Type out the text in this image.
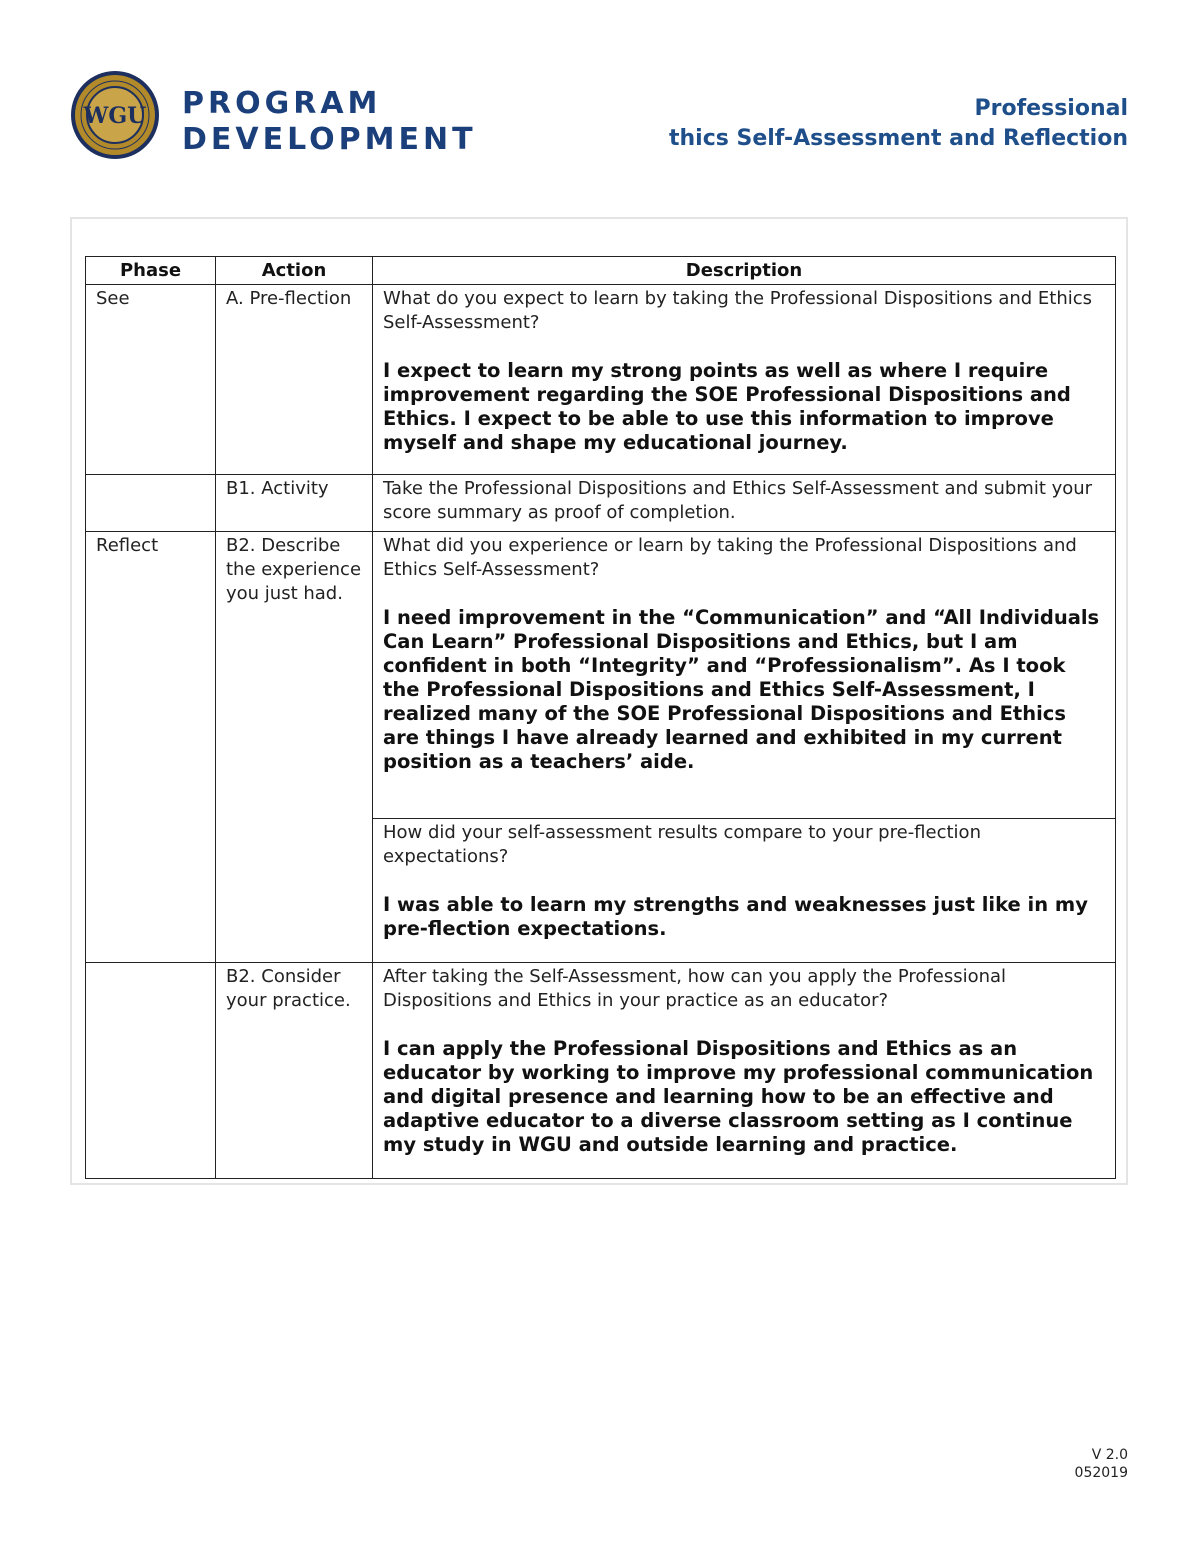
WGU PROGRAM
DEVELOPMENT
Professional
thics Self-Assessment and Reflection
Phase	Action	Description
See	A. Pre-flection	What do you expect to learn by taking the Professional Dispositions and Ethics Self-Assessment?

I expect to learn my strong points as well as where I require improvement regarding the SOE Professional Dispositions and Ethics. I expect to be able to use this information to improve myself and shape my educational journey.

	B1. Activity	Take the Professional Dispositions and Ethics Self-Assessment and submit your score summary as proof of completion.
Reflect	B2. Describe the experience you just had.	What did you experience or learn by taking the Professional Dispositions and Ethics Self-Assessment?

I need improvement in the “Communication” and “All Individuals Can Learn” Professional Dispositions and Ethics, but I am confident in both “Integrity” and “Professionalism”. As I took the Professional Dispositions and Ethics Self-Assessment, I realized many of the SOE Professional Dispositions and Ethics are things I have already learned and exhibited in my current position as a teachers’ aide.

		How did your self-assessment results compare to your pre-flection expectations?

I was able to learn my strengths and weaknesses just like in my pre-flection expectations.

	B2. Consider your practice.	After taking the Self-Assessment, how can you apply the Professional Dispositions and Ethics in your practice as an educator?

I can apply the Professional Dispositions and Ethics as an educator by working to improve my professional communication and digital presence and learning how to be an effective and adaptive educator to a diverse classroom setting as I continue my study in WGU and outside learning and practice.

V 2.0
052019
